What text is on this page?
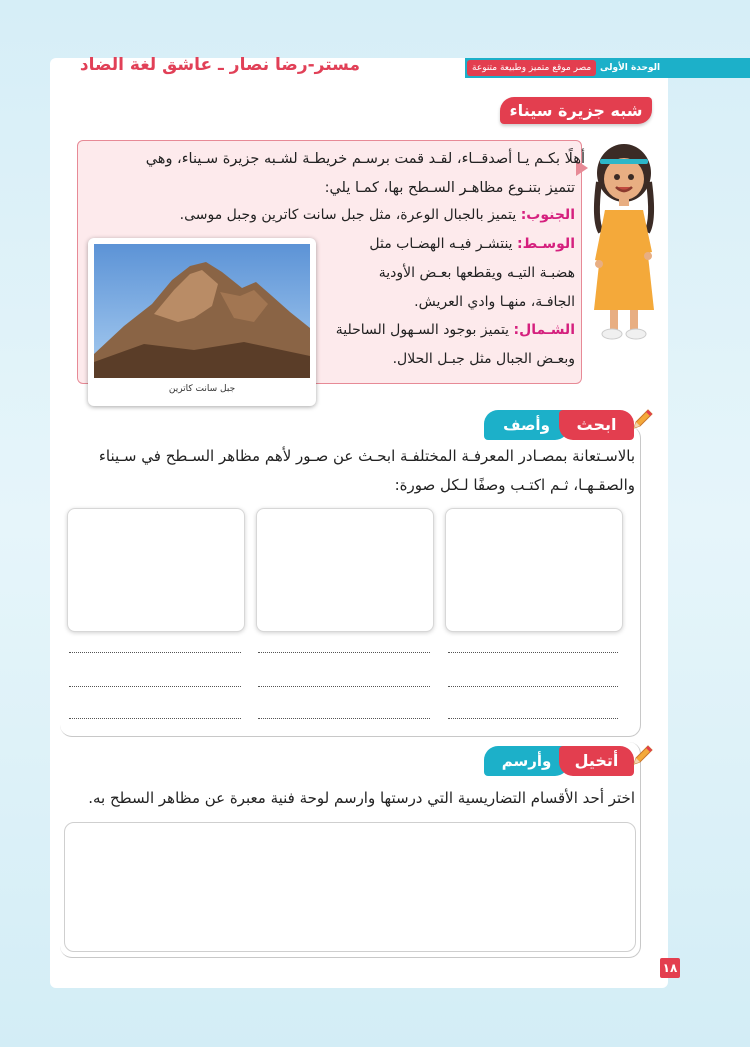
الوحدة الأولى
مصر موقع متميز وطبيعة متنوعة
مستر-رضا نصار ـ عاشق لغة الضاد
شبه جزيرة سيناء
أهلًا بكـم يـا أصدقــاء، لقـد قمت برسـم خريطـة لشـبه جزيرة سـيناء، وهي
تتميز بتنـوع مظاهـر السـطح بها، كمـا يلي:
الجنوب: يتميز بالجبال الوعرة، مثل جبل سانت كاترين وجبل موسى.
الوسـط: ينتشـر فيـه الهضـاب مثل
هضبـة التيـه ويقطعها بعـض الأودية
الجافـة، منهـا وادي العريش.
الشـمال: يتميز بوجود السـهول الساحلية
وبعـض الجبال مثل جبـل الحلال.
جبل سانت كاترين
وأصف	ابحث
بالاسـتعانة بمصـادر المعرفـة المختلفـة ابحـث عن صـور لأهم مظاهر السـطح في سـيناء
والصقـهـا، ثـم اكتـب وصفًا لـكل صورة:
وأرسم	أتخيل
اختر أحد الأقسام التضاريسية التي درستها وارسم لوحة فنية معبرة عن مظاهر السطح به.
١٨
